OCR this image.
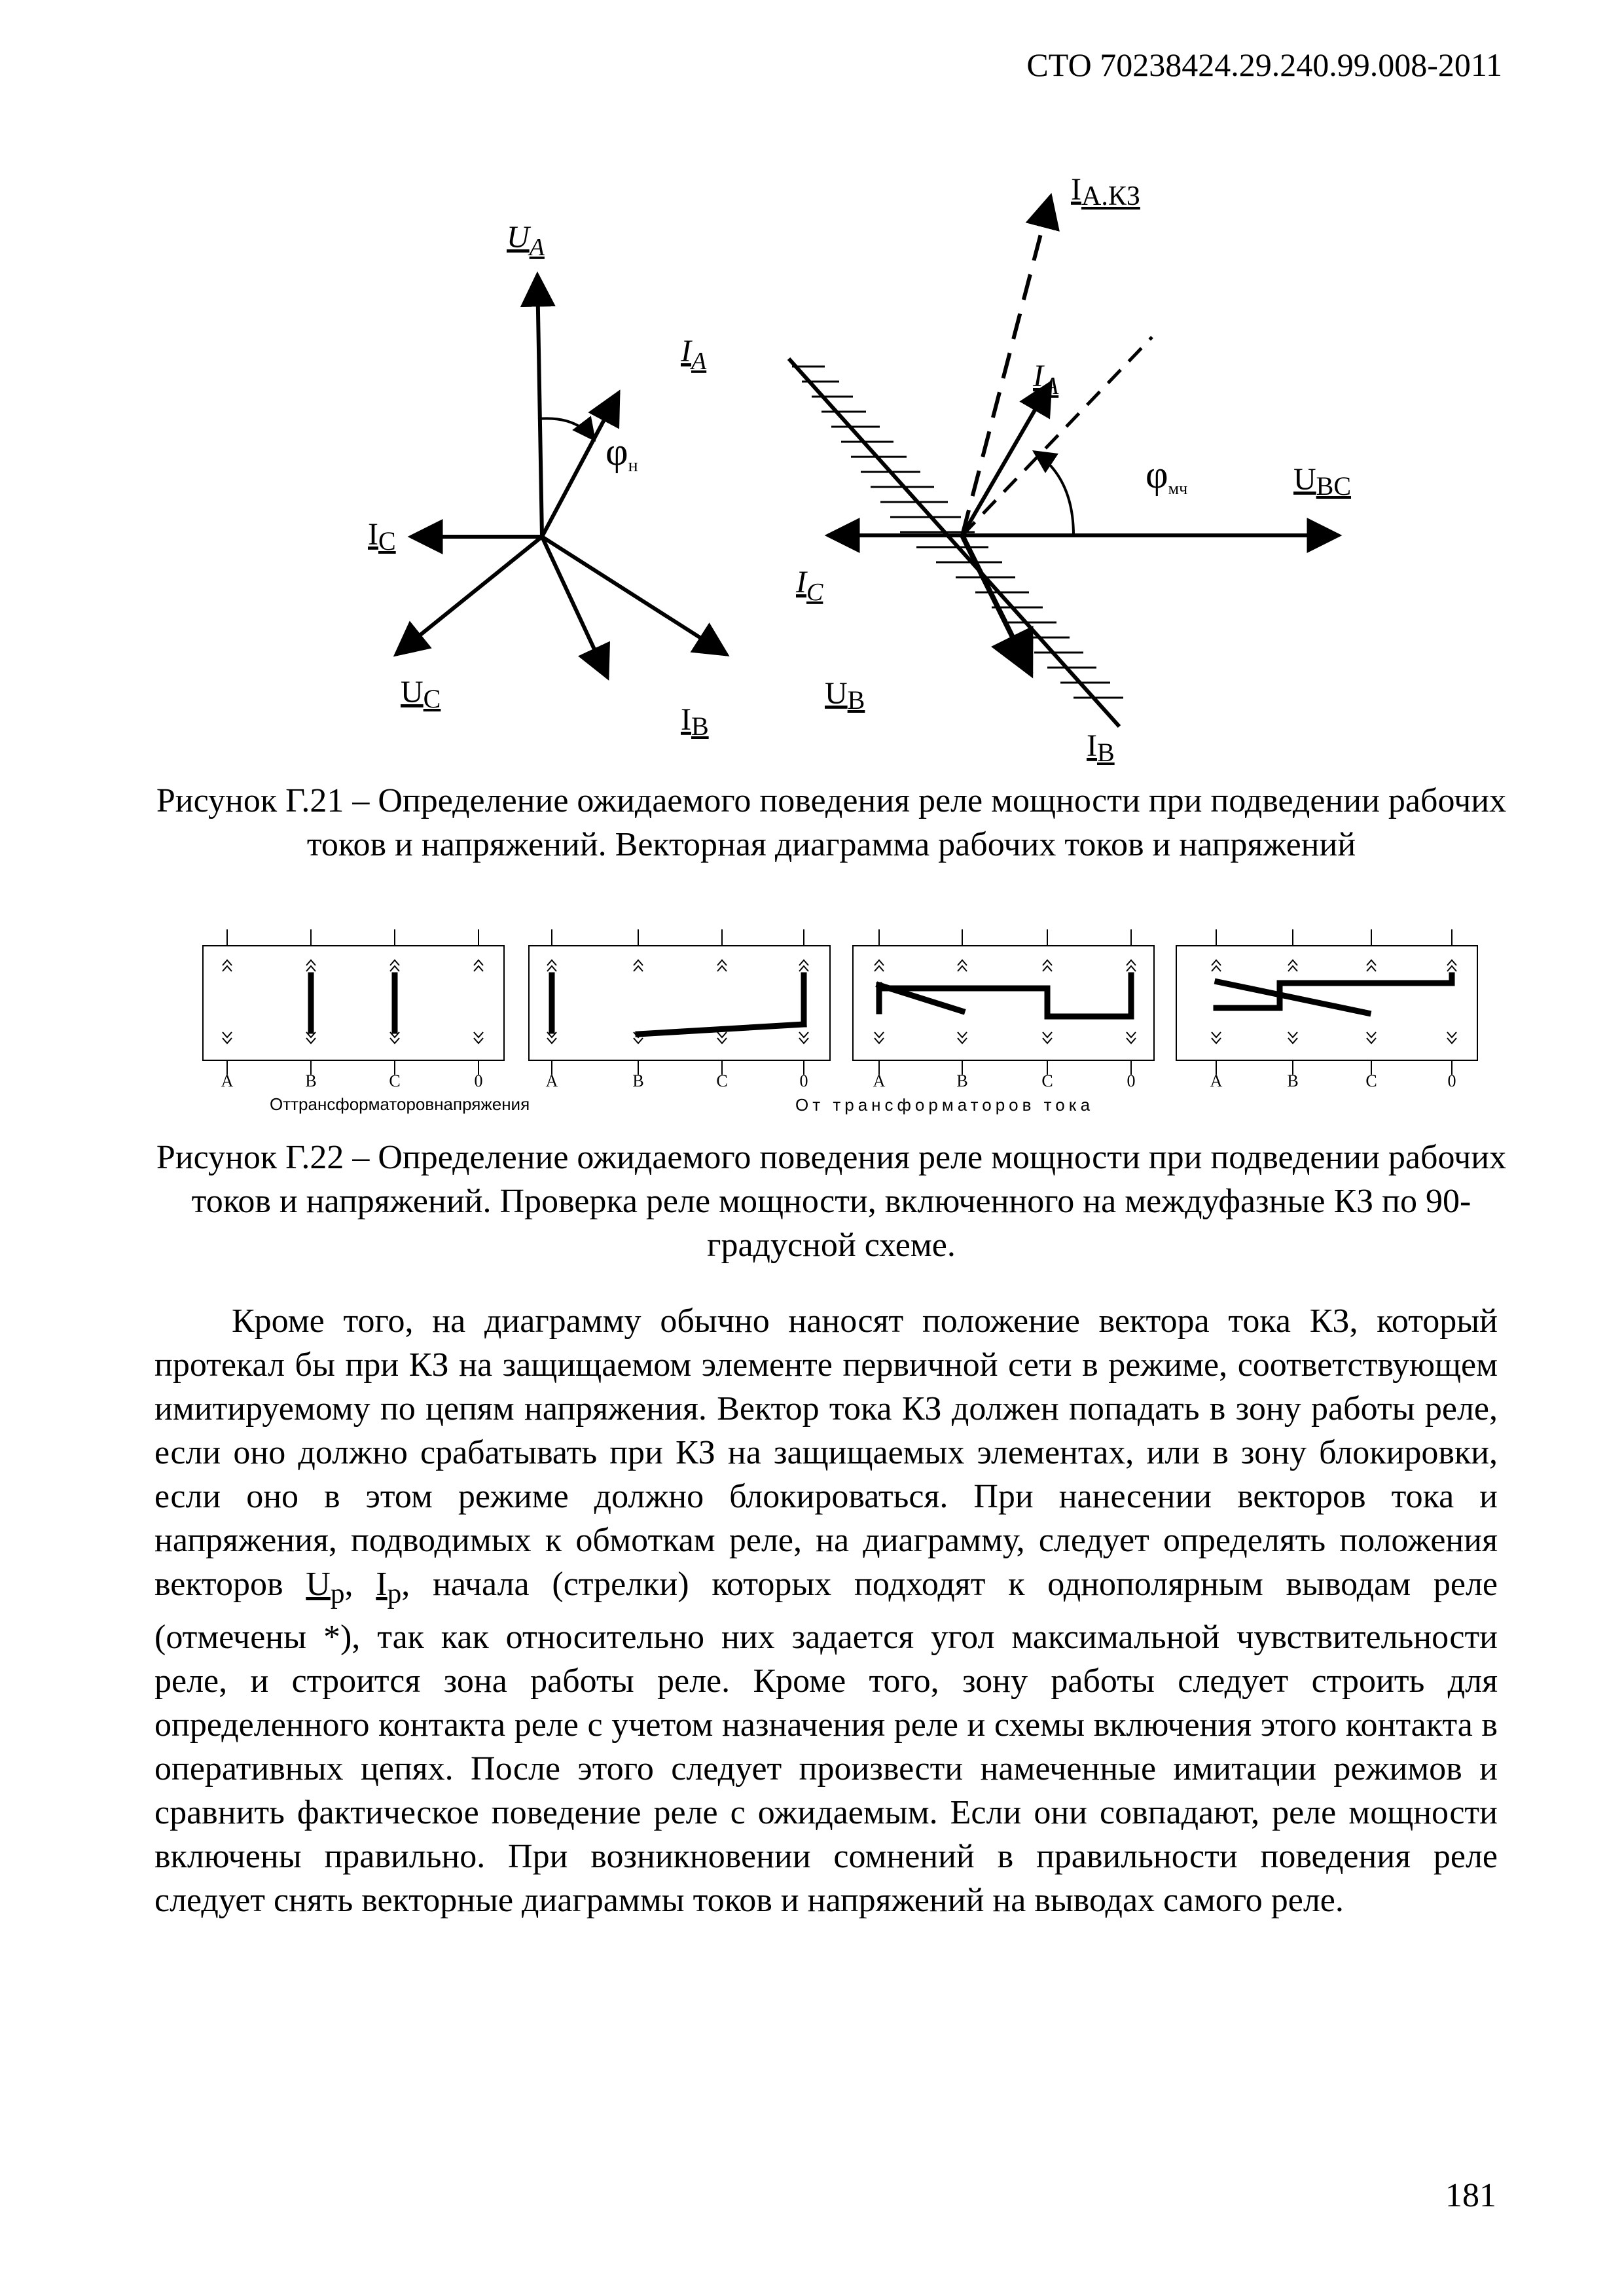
СТО 70238424.29.240.99.008-2011
$U_A$
$\varphi_н$
IC
UC
IB
IА.КЗ
$I_A$	$I_A$
$\varphi_{мч}$	UBC
$I_C$
UB
IB
Рисунок Г.21 – Определение ожидаемого поведения реле мощности при подведении рабочих токов и напряжений. Векторная диаграмма рабочих токов и напряжений
A	B	C	0	A	B	C	0	A	B	C	0	A	B	C	0
Оттрансформаторовнапряжения	От трансформаторов тока
Рисунок Г.22 – Определение ожидаемого поведения реле мощности при подведении рабочих токов и напряжений. Проверка реле мощности, включенного на междуфазные КЗ по 90-градусной схеме.

Кроме того, на диаграмму обычно наносят положение вектора тока КЗ, который протекал бы при КЗ на защищаемом элементе первичной сети в режиме, соответствующем имитируемому по цепям напряжения. Вектор тока КЗ должен попадать в зону работы реле, если оно должно срабатывать при КЗ на защищаемых элементах, или в зону блокировки, если оно в этом режиме должно блокироваться. При нанесении векторов тока и напряжения, подводимых к обмоткам реле, на диаграмму, следует определять положения векторов $U_р$, $I_р$, начала (стрелки) которых подходят к однополярным выводам реле (отмечены *), так как относительно них задается угол максимальной чувствительности реле, и строится зона работы реле. Кроме того, зону работы следует строить для определенного контакта реле с учетом назначения реле и схемы включения этого контакта в оперативных цепях. После этого следует произвести намеченные имитации режимов и сравнить фактическое поведение реле с ожидаемым. Если они совпадают, реле мощности включены правильно. При возникновении сомнений в правильности поведения реле следует снять векторные диаграммы токов и напряжений на выводах самого реле.

181
